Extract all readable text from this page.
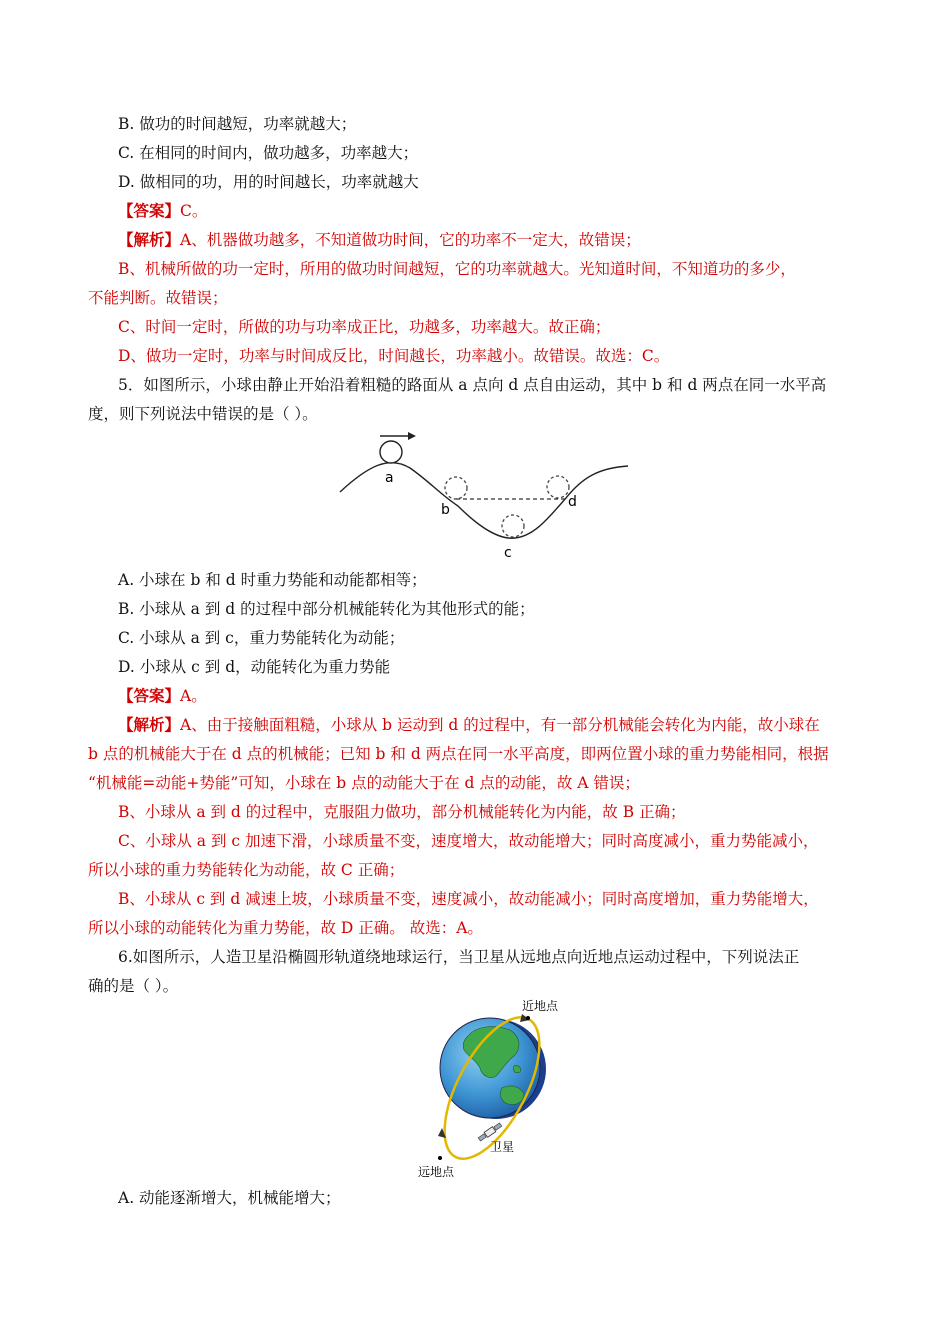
B. 做功的时间越短，功率就越大；
C. 在相同的时间内，做功越多，功率越大；
D. 做相同的功，用的时间越长，功率就越大
【答案】C。
【解析】A、机器做功越多，不知道做功时间，它的功率不一定大，故错误；
B、机械所做的功一定时，所用的做功时间越短，它的功率就越大。光知道时间，不知道功的多少，
不能判断。故错误；
C、时间一定时，所做的功与功率成正比，功越多，功率越大。故正确；
D、做功一定时，功率与时间成反比，时间越长，功率越小。故错误。故选：C。
5．如图所示，小球由静止开始沿着粗糙的路面从 a 点向 d 点自由运动，其中 b 和 d 两点在同一水平高
度，则下列说法中错误的是（ ）。
a
b
c
d
A. 小球在 b 和 d 时重力势能和动能都相等；
B. 小球从 a 到 d 的过程中部分机械能转化为其他形式的能；
C. 小球从 a 到 c，重力势能转化为动能；
D. 小球从 c 到 d，动能转化为重力势能
【答案】A。
【解析】A、由于接触面粗糙，小球从 b 运动到 d 的过程中，有一部分机械能会转化为内能，故小球在
b 点的机械能大于在 d 点的机械能；已知 b 和 d 两点在同一水平高度，即两位置小球的重力势能相同，根据
“机械能=动能+势能”可知，小球在 b 点的动能大于在 d 点的动能，故 A 错误；
B、小球从 a 到 d 的过程中，克服阻力做功，部分机械能转化为内能，故 B 正确；
C、小球从 a 到 c 加速下滑，小球质量不变，速度增大，故动能增大；同时高度减小，重力势能减小，
所以小球的重力势能转化为动能，故 C 正确；
B、小球从 c 到 d 减速上坡，小球质量不变，速度减小，故动能减小；同时高度增加，重力势能增大，
所以小球的动能转化为重力势能，故 D 正确。 故选：A。
6.如图所示，人造卫星沿椭圆形轨道绕地球运行，当卫星从远地点向近地点运动过程中，下列说法正
确的是（ ）。
近地点
卫星
远地点
A. 动能逐渐增大，机械能增大；
